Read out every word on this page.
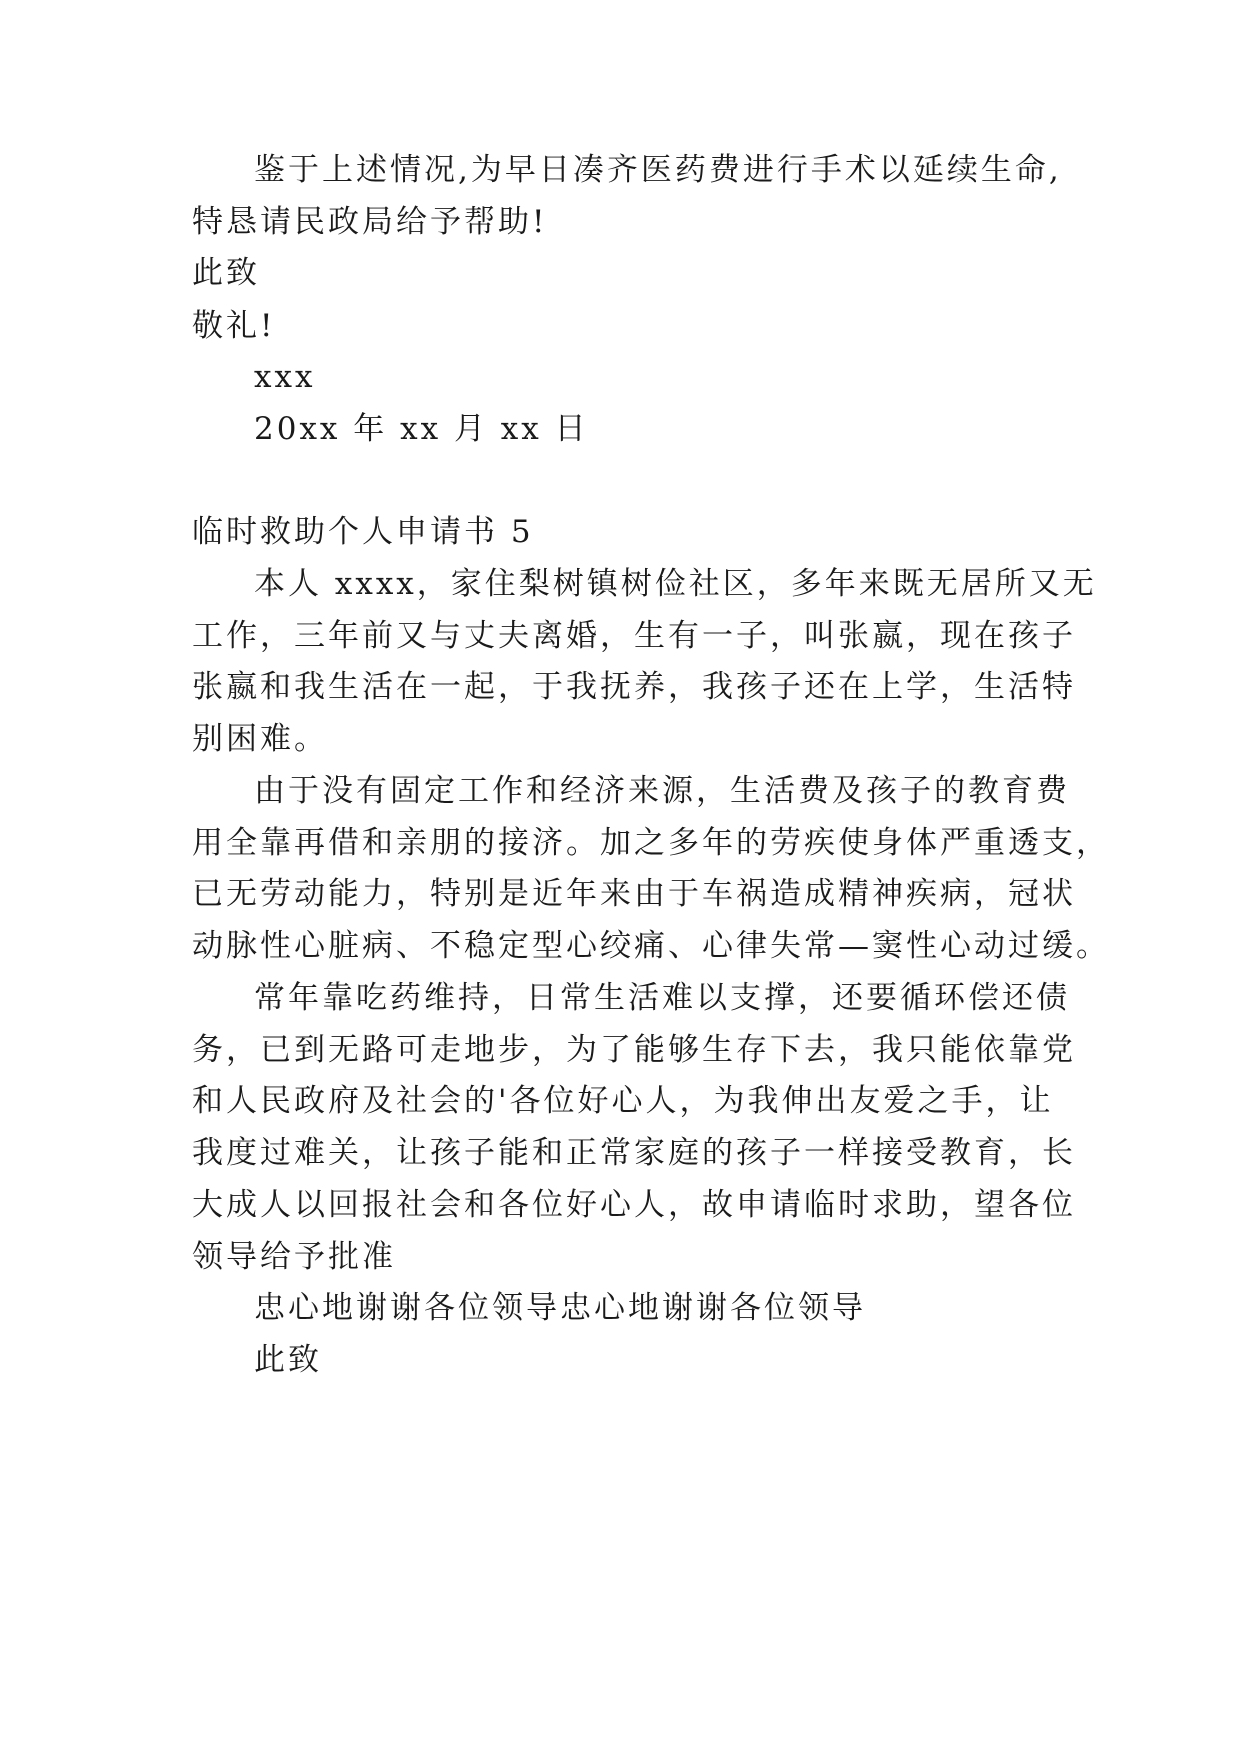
鉴于上述情况,为早日凑齐医药费进行手术以延续生命,
特恳请民政局给予帮助!
此致
敬礼!
xxx
20xx 年 xx 月 xx 日
临时救助个人申请书 5
本人 xxxx，家住梨树镇树俭社区，多年来既无居所又无
工作，三年前又与丈夫离婚，生有一子，叫张嬴，现在孩子
张嬴和我生活在一起，于我抚养，我孩子还在上学，生活特
别困难。
由于没有固定工作和经济来源，生活费及孩子的教育费
用全靠再借和亲朋的接济。加之多年的劳疾使身体严重透支，
已无劳动能力，特别是近年来由于车祸造成精神疾病，冠状
动脉性心脏病、不稳定型心绞痛、心律失常—窦性心动过缓。
常年靠吃药维持，日常生活难以支撑，还要循环偿还债
务，已到无路可走地步，为了能够生存下去，我只能依靠党
和人民政府及社会的'各位好心人，为我伸出友爱之手，让
我度过难关，让孩子能和正常家庭的孩子一样接受教育，长
大成人以回报社会和各位好心人，故申请临时求助，望各位
领导给予批准
忠心地谢谢各位领导忠心地谢谢各位领导
此致
